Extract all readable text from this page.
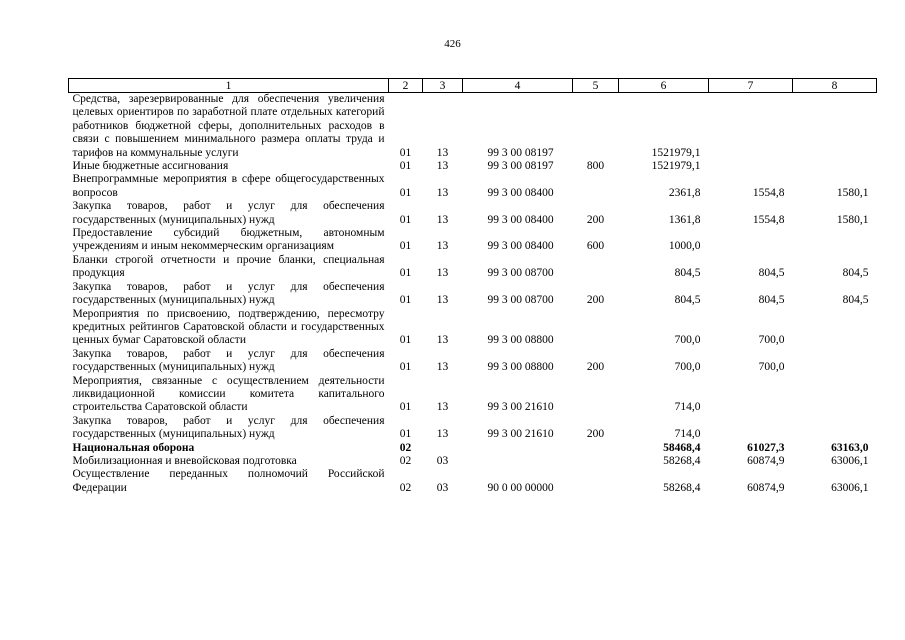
426
1	2	3	4	5	6	7	8
Средства, зарезервированные для обеспечения увеличения целевых ориентиров по заработной плате отдельных категорий работников бюджетной сферы, дополнительных расходов в связи с повышением минимального размера оплаты труда и тарифов на коммунальные услуги	01	13	99 3 00 08197		1521979,1		
Иные бюджетные ассигнования	01	13	99 3 00 08197	800	1521979,1		
Внепрограммные мероприятия в сфере общегосударственных вопросов	01	13	99 3 00 08400		2361,8	1554,8	1580,1
Закупка товаров, работ и услуг для обеспечения государственных (муниципальных) нужд	01	13	99 3 00 08400	200	1361,8	1554,8	1580,1
Предоставление субсидий бюджетным, автономным учреждениям и иным некоммерческим организациям	01	13	99 3 00 08400	600	1000,0		
Бланки строгой отчетности и прочие бланки, специальная продукция	01	13	99 3 00 08700		804,5	804,5	804,5
Закупка товаров, работ и услуг для обеспечения государственных (муниципальных) нужд	01	13	99 3 00 08700	200	804,5	804,5	804,5
Мероприятия по присвоению, подтверждению, пересмотру кредитных рейтингов Саратовской области и государственных ценных бумаг Саратовской области	01	13	99 3 00 08800		700,0	700,0	
Закупка товаров, работ и услуг для обеспечения государственных (муниципальных) нужд	01	13	99 3 00 08800	200	700,0	700,0	
Мероприятия, связанные с осуществлением деятельности ликвидационной комиссии комитета капитального строительства Саратовской области	01	13	99 3 00 21610		714,0		
Закупка товаров, работ и услуг для обеспечения государственных (муниципальных) нужд	01	13	99 3 00 21610	200	714,0		
Национальная оборона	02				58468,4	61027,3	63163,0
Мобилизационная и вневойсковая подготовка	02	03			58268,4	60874,9	63006,1
Осуществление переданных полномочий Российской Федерации	02	03	90 0 00 00000		58268,4	60874,9	63006,1
